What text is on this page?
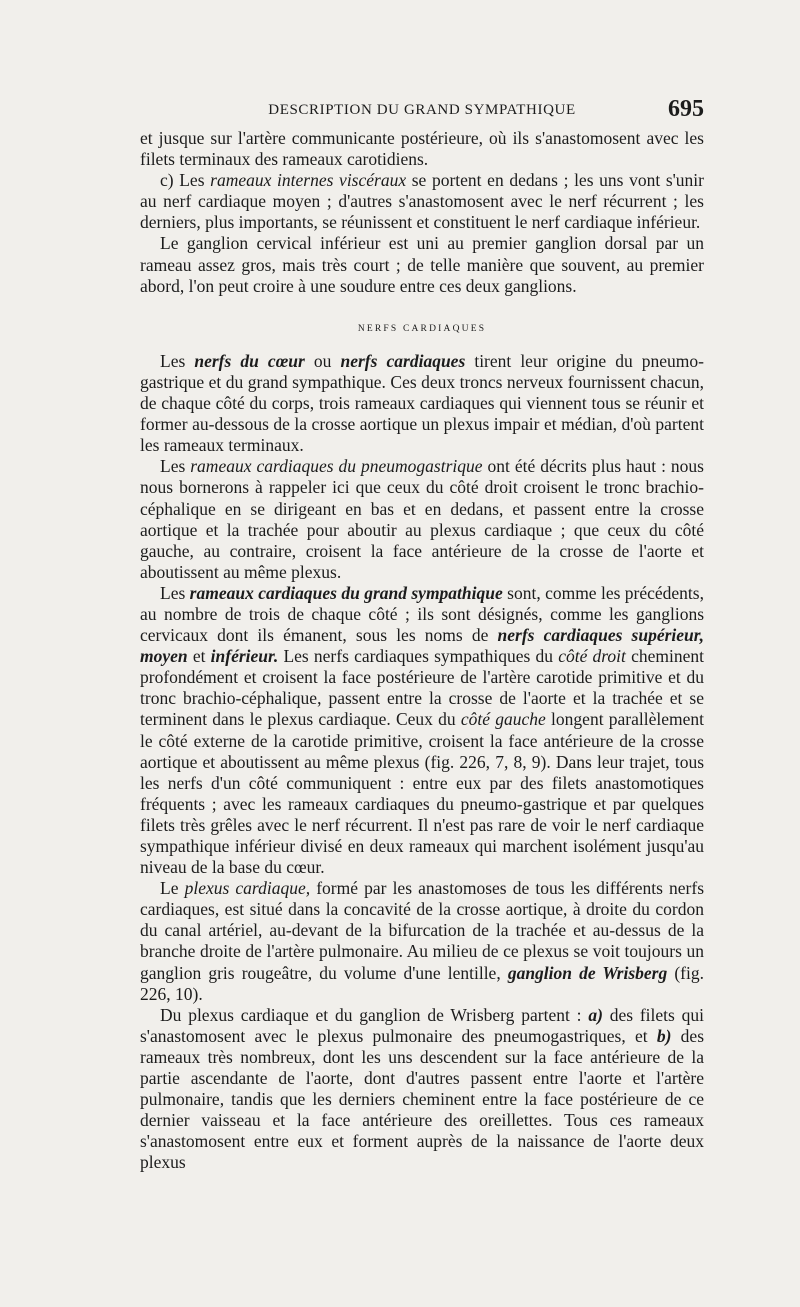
DESCRIPTION DU GRAND SYMPATHIQUE	695

et jusque sur l'artère communicante postérieure, où ils s'anastomosent avec les filets terminaux des rameaux carotidiens.

c) Les rameaux internes viscéraux se portent en dedans ; les uns vont s'unir au nerf cardiaque moyen ; d'autres s'anastomosent avec le nerf récurrent ; les derniers, plus importants, se réunissent et constituent le nerf cardiaque inférieur.

Le ganglion cervical inférieur est uni au premier ganglion dorsal par un rameau assez gros, mais très court ; de telle manière que souvent, au premier abord, l'on peut croire à une soudure entre ces deux ganglions.

NERFS CARDIAQUES

Les nerfs du cœur ou nerfs cardiaques tirent leur origine du pneumo-gastrique et du grand sympathique. Ces deux troncs nerveux fournissent chacun, de chaque côté du corps, trois rameaux cardiaques qui viennent tous se réunir et former au-dessous de la crosse aortique un plexus impair et médian, d'où partent les rameaux terminaux.

Les rameaux cardiaques du pneumogastrique ont été décrits plus haut : nous nous bornerons à rappeler ici que ceux du côté droit croisent le tronc brachio-céphalique en se dirigeant en bas et en dedans, et passent entre la crosse aortique et la trachée pour aboutir au plexus cardiaque ; que ceux du côté gauche, au contraire, croisent la face antérieure de la crosse de l'aorte et aboutissent au même plexus.

Les rameaux cardiaques du grand sympathique sont, comme les précédents, au nombre de trois de chaque côté ; ils sont désignés, comme les ganglions cervicaux dont ils émanent, sous les noms de nerfs cardiaques supérieur, moyen et inférieur. Les nerfs cardiaques sympathiques du côté droit cheminent profondément et croisent la face postérieure de l'artère carotide primitive et du tronc brachio-céphalique, passent entre la crosse de l'aorte et la trachée et se terminent dans le plexus cardiaque. Ceux du côté gauche longent parallèlement le côté externe de la carotide primitive, croisent la face antérieure de la crosse aortique et aboutissent au même plexus (fig. 226, 7, 8, 9). Dans leur trajet, tous les nerfs d'un côté communiquent : entre eux par des filets anastomotiques fréquents ; avec les rameaux cardiaques du pneumo-gastrique et par quelques filets très grêles avec le nerf récurrent. Il n'est pas rare de voir le nerf cardiaque sympathique inférieur divisé en deux rameaux qui marchent isolément jusqu'au niveau de la base du cœur.

Le plexus cardiaque, formé par les anastomoses de tous les différents nerfs cardiaques, est situé dans la concavité de la crosse aortique, à droite du cordon du canal artériel, au-devant de la bifurcation de la trachée et au-dessus de la branche droite de l'artère pulmonaire. Au milieu de ce plexus se voit toujours un ganglion gris rougeâtre, du volume d'une lentille, ganglion de Wrisberg (fig. 226, 10).

Du plexus cardiaque et du ganglion de Wrisberg partent : a) des filets qui s'anastomosent avec le plexus pulmonaire des pneumogastriques, et b) des rameaux très nombreux, dont les uns descendent sur la face antérieure de la partie ascendante de l'aorte, dont d'autres passent entre l'aorte et l'artère pulmonaire, tandis que les derniers cheminent entre la face postérieure de ce dernier vaisseau et la face antérieure des oreillettes. Tous ces rameaux s'anastomosent entre eux et forment auprès de la naissance de l'aorte deux plexus
